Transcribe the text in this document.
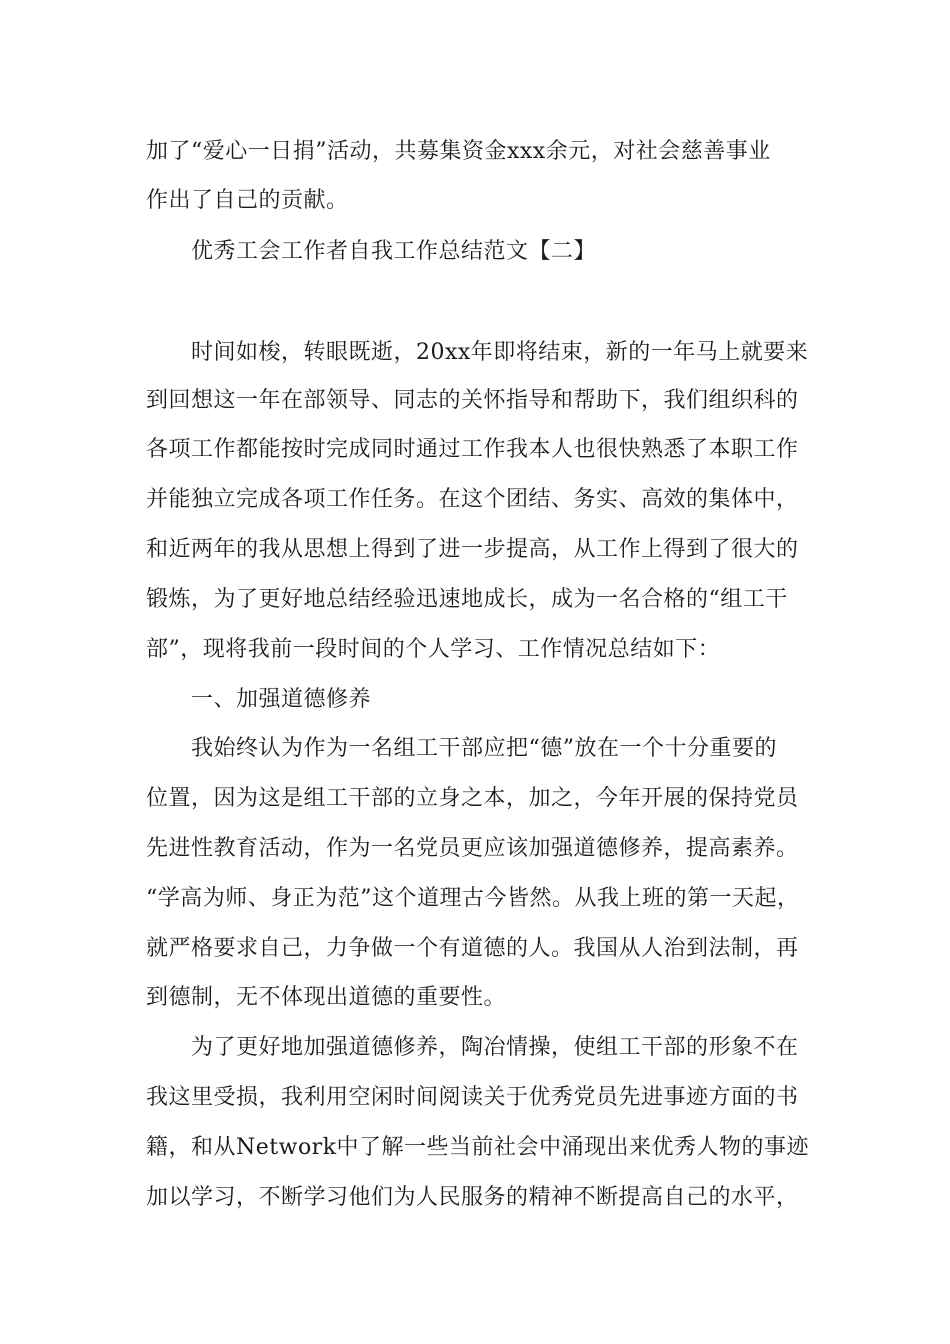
加了“爱心一日捐”活动，共募集资金xxx余元，对社会慈善事业
作出了自己的贡献。
优秀工会工作者自我工作总结范文【二】
时间如梭，转眼既逝，20xx年即将结束，新的一年马上就要来
到回想这一年在部领导、同志的关怀指导和帮助下，我们组织科的
各项工作都能按时完成同时通过工作我本人也很快熟悉了本职工作
并能独立完成各项工作任务。在这个团结、务实、高效的集体中，
和近两年的我从思想上得到了进一步提高，从工作上得到了很大的
锻炼，为了更好地总结经验迅速地成长，成为一名合格的“组工干
部”，现将我前一段时间的个人学习、工作情况总结如下：
一、加强道德修养
我始终认为作为一名组工干部应把“德”放在一个十分重要的
位置，因为这是组工干部的立身之本，加之，今年开展的保持党员
先进性教育活动，作为一名党员更应该加强道德修养，提高素养。
“学高为师、身正为范”这个道理古今皆然。从我上班的第一天起，
就严格要求自己，力争做一个有道德的人。我国从人治到法制，再
到德制，无不体现出道德的重要性。
为了更好地加强道德修养，陶冶情操，使组工干部的形象不在
我这里受损，我利用空闲时间阅读关于优秀党员先进事迹方面的书
籍，和从Network中了解一些当前社会中涌现出来优秀人物的事迹
加以学习，不断学习他们为人民服务的精神不断提高自己的水平，
